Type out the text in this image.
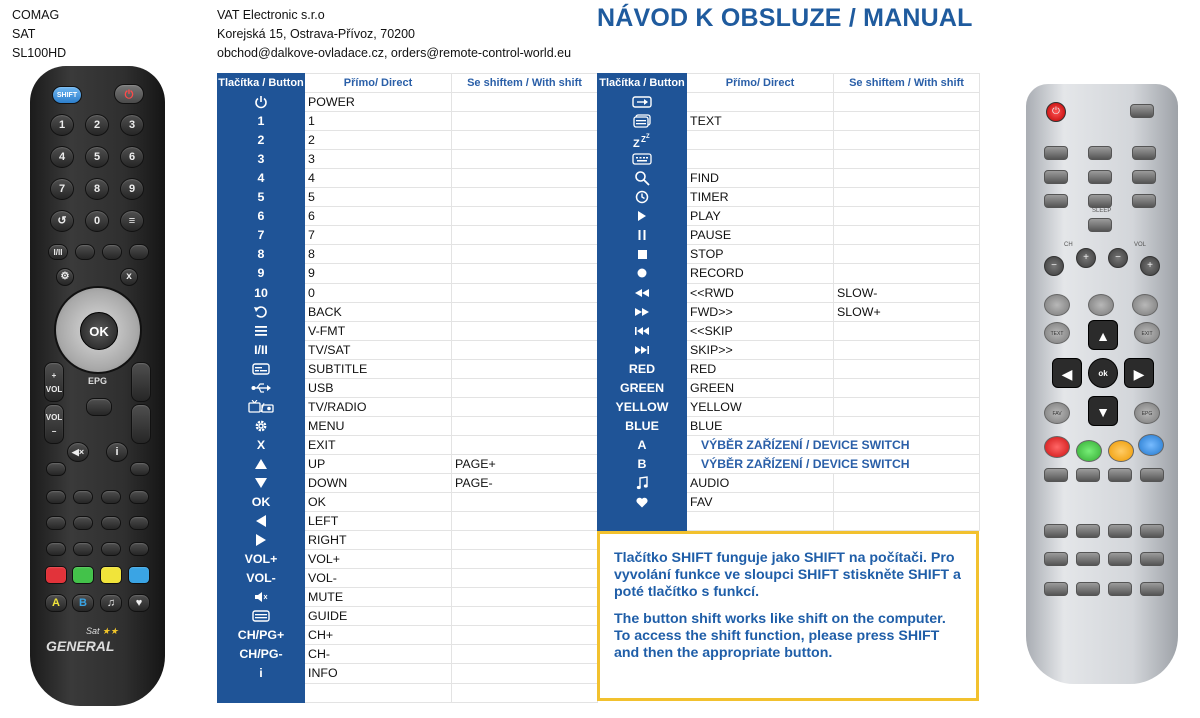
COMAG
SAT
SL100HD
VAT Electronic s.r.o
Korejská 15, Ostrava-Přívoz, 70200
obchod@dalkove-ovladace.cz, orders@remote-control-world.eu
NÁVOD K OBSLUZE / MANUAL
SHIFT	⏻
1	2	3
4	5	6
7	8	9
↺	0	≡
I/II
⚙	x
OK
+ VOL
VOL −
EPG
◀×	i
A	B	♫	♥
Sat ★★
GENERAL
Tlačítka / Button	Přímo/ Direct	Se shiftem / With shift

	POWER	
1	1	
2	2	
3	3	
4	4	
5	5	
6	6	
7	7	
8	8	
9	9	
10	0	

	BACK	

	V-FMT	
I/II	TV/SAT	

	SUBTITLE	

	USB	

	TV/RADIO	

	MENU	
X	EXIT	

	UP	PAGE+

	DOWN	PAGE-
OK	OK	

	LEFT	

	RIGHT	
VOL+	VOL+	
VOL-	VOL-	

	MUTE	

	GUIDE	
CH/PG+	CH+	
CH/PG-	CH-	
i	INFO	

Tlačítka / Button	Přímo/ Direct	Se shiftem / With shift

	TEXT	

Z Z Z		

	FIND	

	TIMER	

	PLAY	

	PAUSE	

	STOP	

	RECORD	

	<<RWD	SLOW-

	FWD>>	SLOW+

	<<SKIP	

	SKIP>>	
RED	RED	
GREEN	GREEN	
YELLOW	YELLOW	
BLUE	BLUE	
A	VÝBĚR ZAŘÍZENÍ / DEVICE SWITCH	
B	VÝBĚR ZAŘÍZENÍ / DEVICE SWITCH	

	AUDIO	

	FAV	

Tlačítko SHIFT funguje jako SHIFT na počítači. Pro vyvolání funkce ve sloupci SHIFT stiskněte SHIFT a poté tlačítko s funkcí.

The button shift works like shift on the computer. To access the shift function, please press SHIFT and then the appropriate button.

⏻
SLEEP
CH	VOL
−
+	−
+
TEXT	EXIT
▲
◀	ok	▶
▼
FAV	EPG
